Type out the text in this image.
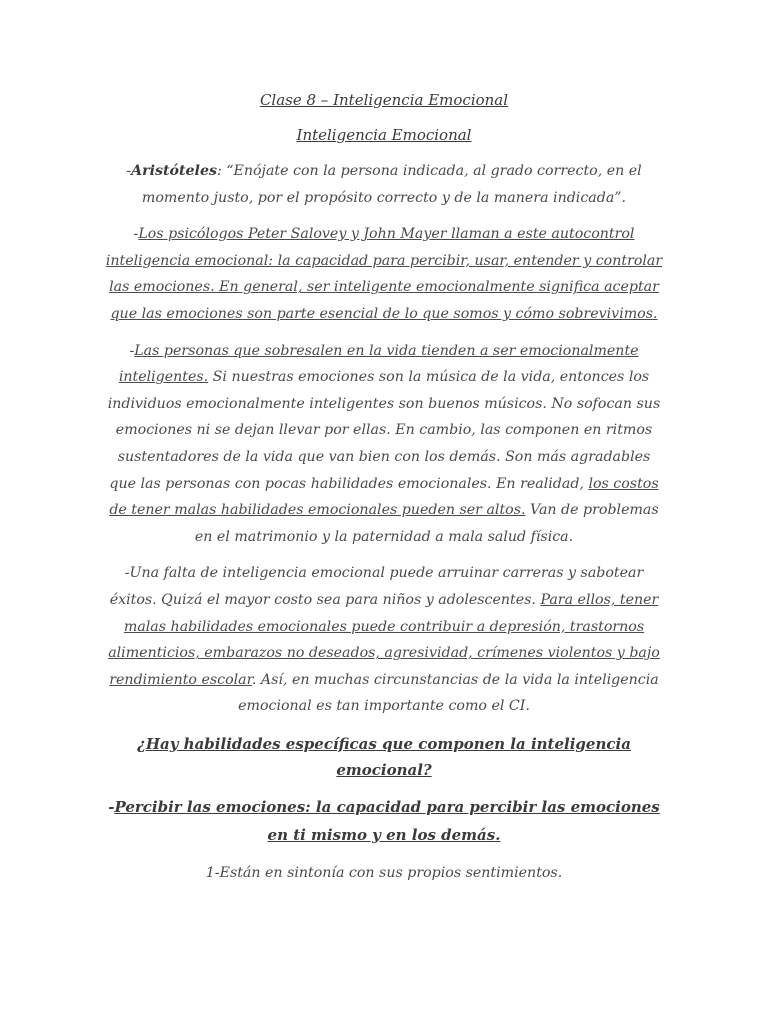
Clase 8 – Inteligencia Emocional
Inteligencia Emocional

-Aristóteles: “Enójate con la persona indicada, al grado correcto, en el momento justo, por el propósito correcto y de la manera indicada”.

-Los psicólogos Peter Salovey y John Mayer llaman a este autocontrol inteligencia emocional: la capacidad para percibir, usar, entender y controlar las emociones. En general, ser inteligente emocionalmente significa aceptar que las emociones son parte esencial de lo que somos y cómo sobrevivimos.

-Las personas que sobresalen en la vida tienden a ser emocionalmente inteligentes. Si nuestras emociones son la música de la vida, entonces los individuos emocionalmente inteligentes son buenos músicos. No sofocan sus emociones ni se dejan llevar por ellas. En cambio, las componen en ritmos sustentadores de la vida que van bien con los demás. Son más agradables que las personas con pocas habilidades emocionales. En realidad, los costos de tener malas habilidades emocionales pueden ser altos. Van de problemas en el matrimonio y la paternidad a mala salud física.

-Una falta de inteligencia emocional puede arruinar carreras y sabotear éxitos. Quizá el mayor costo sea para niños y adolescentes. Para ellos, tener malas habilidades emocionales puede contribuir a depresión, trastornos alimenticios, embarazos no deseados, agresividad, crímenes violentos y bajo rendimiento escolar. Así, en muchas circunstancias de la vida la inteligencia emocional es tan importante como el CI.

¿Hay habilidades específicas que componen la inteligencia emocional?
-Percibir las emociones: la capacidad para percibir las emociones en ti mismo y en los demás.
1-Están en sintonía con sus propios sentimientos.
